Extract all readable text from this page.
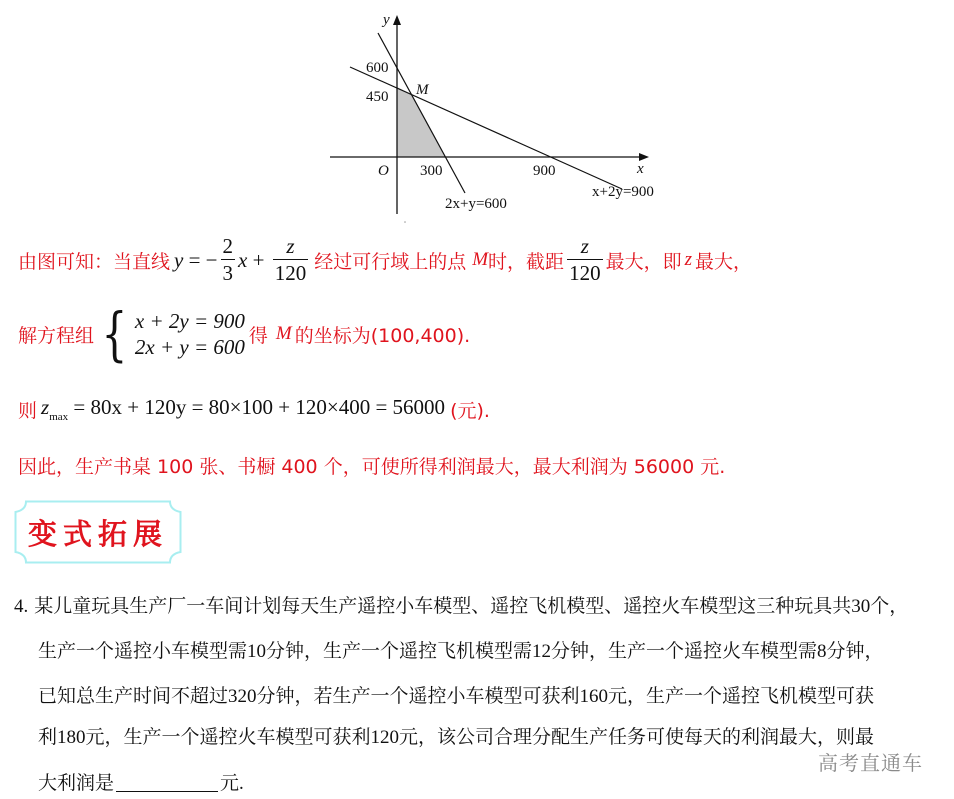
y
x
600
450 M
O 300	900
2x+y=600
x+2y=900
由图可知：当直线 y = − $\frac{2}{3}$ $x + \frac{z}{120}$ 经过可行域上的点 M 时，截距 $\frac{z}{120}$ 最大，即 z 最大，
解方程组 { x + 2y = 900
2x + y = 600 得 M 的坐标为(100,400).
则 $z_{max} = 80x + 120y = 80\times 100 + 120\times 400 = 56000$ (元).
因此，生产书桌 100 张、书橱 400 个，可使所得利润最大，最大利润为 56000 元.
变式拓展
4. 某儿童玩具生产厂一车间计划每天生产遥控小车模型、遥控飞机模型、遥控火车模型这三种玩具共30个，
生产一个遥控小车模型需10分钟，生产一个遥控飞机模型需12分钟，生产一个遥控火车模型需8分钟，
已知总生产时间不超过320分钟，若生产一个遥控小车模型可获利160元，生产一个遥控飞机模型可获
利180元，生产一个遥控火车模型可获利120元，该公司合理分配生产任务可使每天的利润最大，则最
大利润是	元.
高考直通车
